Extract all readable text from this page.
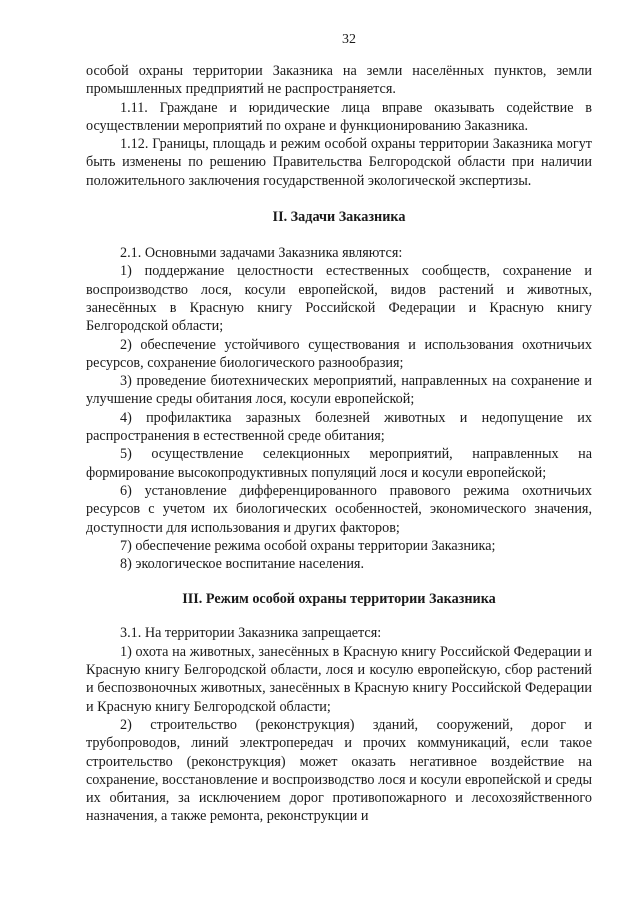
32

особой охраны территории Заказника на земли населённых пунктов, земли промышленных предприятий не распространяется.

1.11. Граждане и юридические лица вправе оказывать содействие в осуществлении мероприятий по охране и функционированию Заказника.

1.12. Границы, площадь и режим особой охраны территории Заказника могут быть изменены по решению Правительства Белгородской области при наличии положительного заключения государственной экологической экспертизы.

II. Задачи Заказника

2.1. Основными задачами Заказника являются:

1) поддержание целостности естественных сообществ, сохранение и воспроизводство лося, косули европейской, видов растений и животных, занесённых в Красную книгу Российской Федерации и Красную книгу Белгородской области;

2) обеспечение устойчивого существования и использования охотничьих ресурсов, сохранение биологического разнообразия;

3) проведение биотехнических мероприятий, направленных на сохранение и улучшение среды обитания лося, косули европейской;

4) профилактика заразных болезней животных и недопущение их распространения в естественной среде обитания;

5) осуществление селекционных мероприятий, направленных на формирование высокопродуктивных популяций лося и косули европейской;

6) установление дифференцированного правового режима охотничьих ресурсов с учетом их биологических особенностей, экономического значения, доступности для использования и других факторов;

7) обеспечение режима особой охраны территории Заказника;

8) экологическое воспитание населения.

III. Режим особой охраны территории Заказника

3.1. На территории Заказника запрещается:

1) охота на животных, занесённых в Красную книгу Российской Федерации и Красную книгу Белгородской области, лося и косулю европейскую, сбор растений и беспозвоночных животных, занесённых в Красную книгу Российской Федерации и Красную книгу Белгородской области;

2) строительство (реконструкция) зданий, сооружений, дорог и трубопроводов, линий электропередач и прочих коммуникаций, если такое строительство (реконструкция) может оказать негативное воздействие на сохранение, восстановление и воспроизводство лося и косули европейской и среды их обитания, за исключением дорог противопожарного и лесохозяйственного назначения, а также ремонта, реконструкции и
